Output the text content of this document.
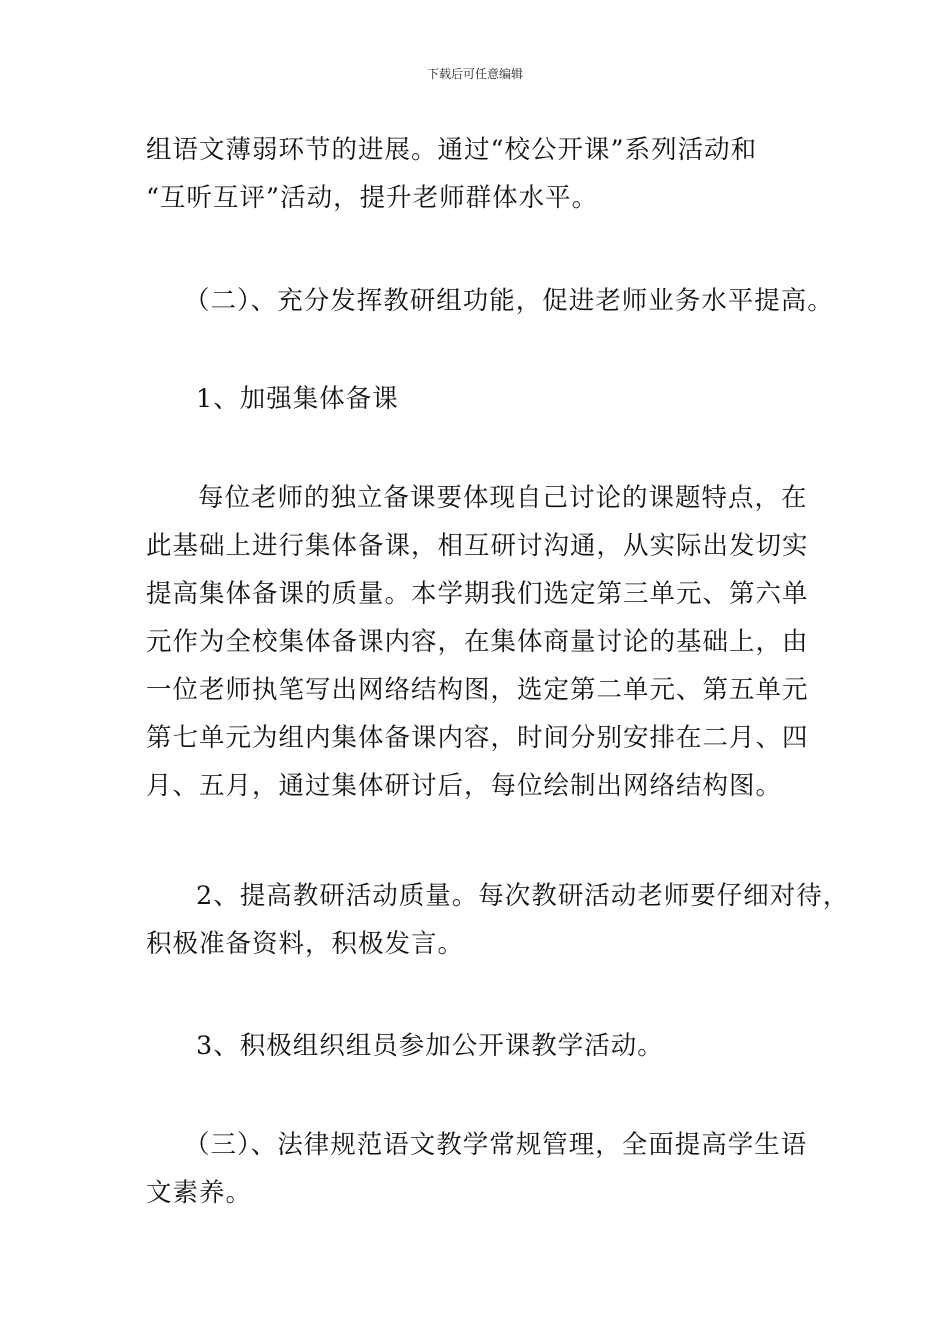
下载后可任意编辑
组语文薄弱环节的进展。通过“校公开课”系列活动和
“互听互评”活动，提升老师群体水平。
（二）、充分发挥教研组功能，促进老师业务水平提高。
1、加强集体备课
每位老师的独立备课要体现自己讨论的课题特点，在
此基础上进行集体备课，相互研讨沟通，从实际出发切实
提高集体备课的质量。本学期我们选定第三单元、第六单
元作为全校集体备课内容，在集体商量讨论的基础上，由
一位老师执笔写出网络结构图，选定第二单元、第五单元
第七单元为组内集体备课内容，时间分别安排在二月、四
月、五月，通过集体研讨后，每位绘制出网络结构图。
2、提高教研活动质量。每次教研活动老师要仔细对待，
积极准备资料，积极发言。
3、积极组织组员参加公开课教学活动。
（三）、法律规范语文教学常规管理，全面提高学生语
文素养。
